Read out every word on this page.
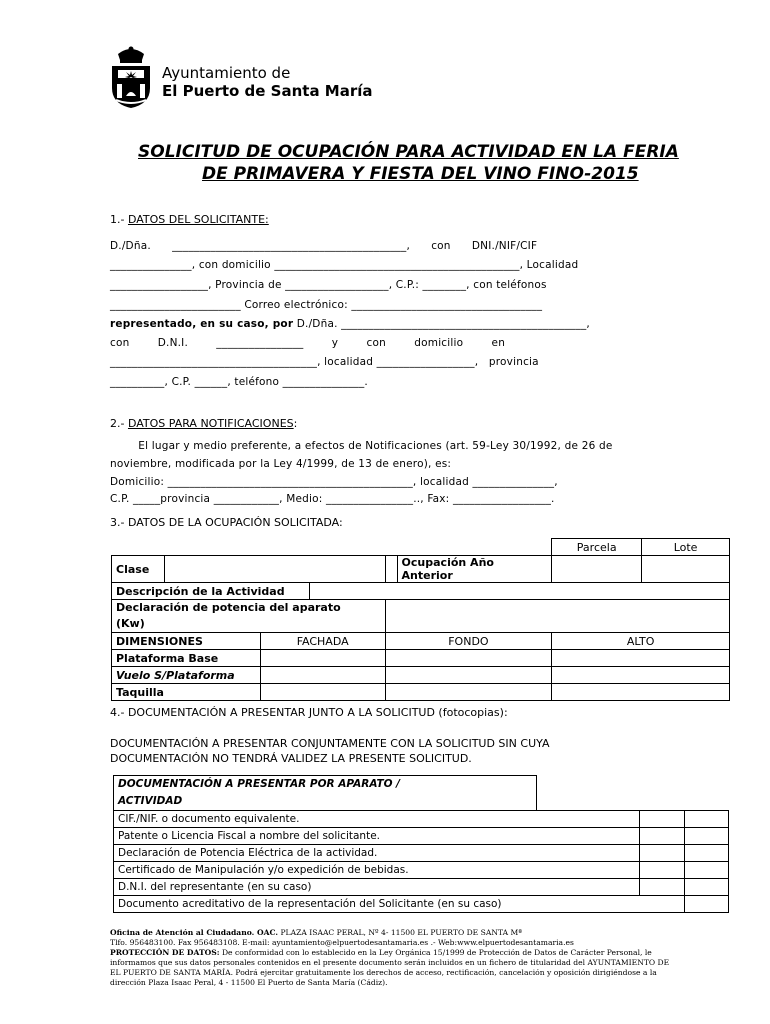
Ayuntamiento de
El Puerto de Santa María
SOLICITUD DE OCUPACIÓN PARA ACTIVIDAD EN LA FERIA
DE PRIMAVERA Y FIESTA DEL VINO FINO-2015
1.- DATOS DEL SOLICITANTE:
D./Dña.      ___________________________________________,      con      DNI./NIF/CIF
_______________, con domicilio _____________________________________________, Localidad
__________________, Provincia de ___________________, C.P.: ________, con teléfonos
________________________ Correo electrónico: ___________________________________
representado, en su caso, por D./Dña. _____________________________________________,
con        D.N.I.        ________________        y        con        domicilio        en
______________________________________, localidad __________________,   provincia
__________, C.P. ______, teléfono _______________.
2.- DATOS PARA NOTIFICACIONES:
El lugar y medio preferente, a efectos de Notificaciones (art. 59-Ley 30/1992, de 26 de
noviembre, modificada por la Ley 4/1999, de 13 de enero), es:
Domicilio: _____________________________________________, localidad _______________,
C.P. _____provincia ____________, Medio: ________________.., Fax: __________________.
3.- DATOS DE LA OCUPACIÓN SOLICITADA:
						Parcela	Lote
Clase					Ocupación Año Anterior		
Descripción de la Actividad							
Declaración de potencia del aparato
(Kw)							
DIMENSIONES		FACHADA		FONDO		ALTO	
Plataforma Base							
Vuelo S/Plataforma							
Taquilla							
4.- DOCUMENTACIÓN A PRESENTAR JUNTO A LA SOLICITUD (fotocopias):
DOCUMENTACIÓN A PRESENTAR CONJUNTAMENTE CON LA SOLICITUD SIN CUYA
DOCUMENTACIÓN NO TENDRÁ VALIDEZ LA PRESENTE SOLICITUD.
DOCUMENTACIÓN A PRESENTAR POR APARATO /
ACTIVIDAD			
CIF./NIF. o documento equivalente.			
Patente o Licencia Fiscal a nombre del solicitante.			
Declaración de Potencia Eléctrica de la actividad.			
Certificado de Manipulación y/o expedición de bebidas.			
D.N.I. del representante (en su caso)			
Documento acreditativo de la representación del Solicitante (en su caso)			
Oficina de Atención al Ciudadano. OAC. PLAZA ISAAC PERAL, Nº 4- 11500 EL PUERTO DE SANTA Mª
Tlfo. 956483100. Fax 956483108. E-mail: ayuntamiento@elpuertodesantamaria.es .- Web:www.elpuertodesantamaria.es
PROTECCIÓN DE DATOS: De conformidad con lo establecido en la Ley Orgánica 15/1999 de Protección de Datos de Carácter Personal, le
informamos que sus datos personales contenidos en el presente documento serán incluidos en un fichero de titularidad del AYUNTAMIENTO DE
EL PUERTO DE SANTA MARÍA. Podrá ejercitar gratuitamente los derechos de acceso, rectificación, cancelación y oposición dirigiéndose a la
dirección Plaza Isaac Peral, 4 - 11500 El Puerto de Santa María (Cádiz).
